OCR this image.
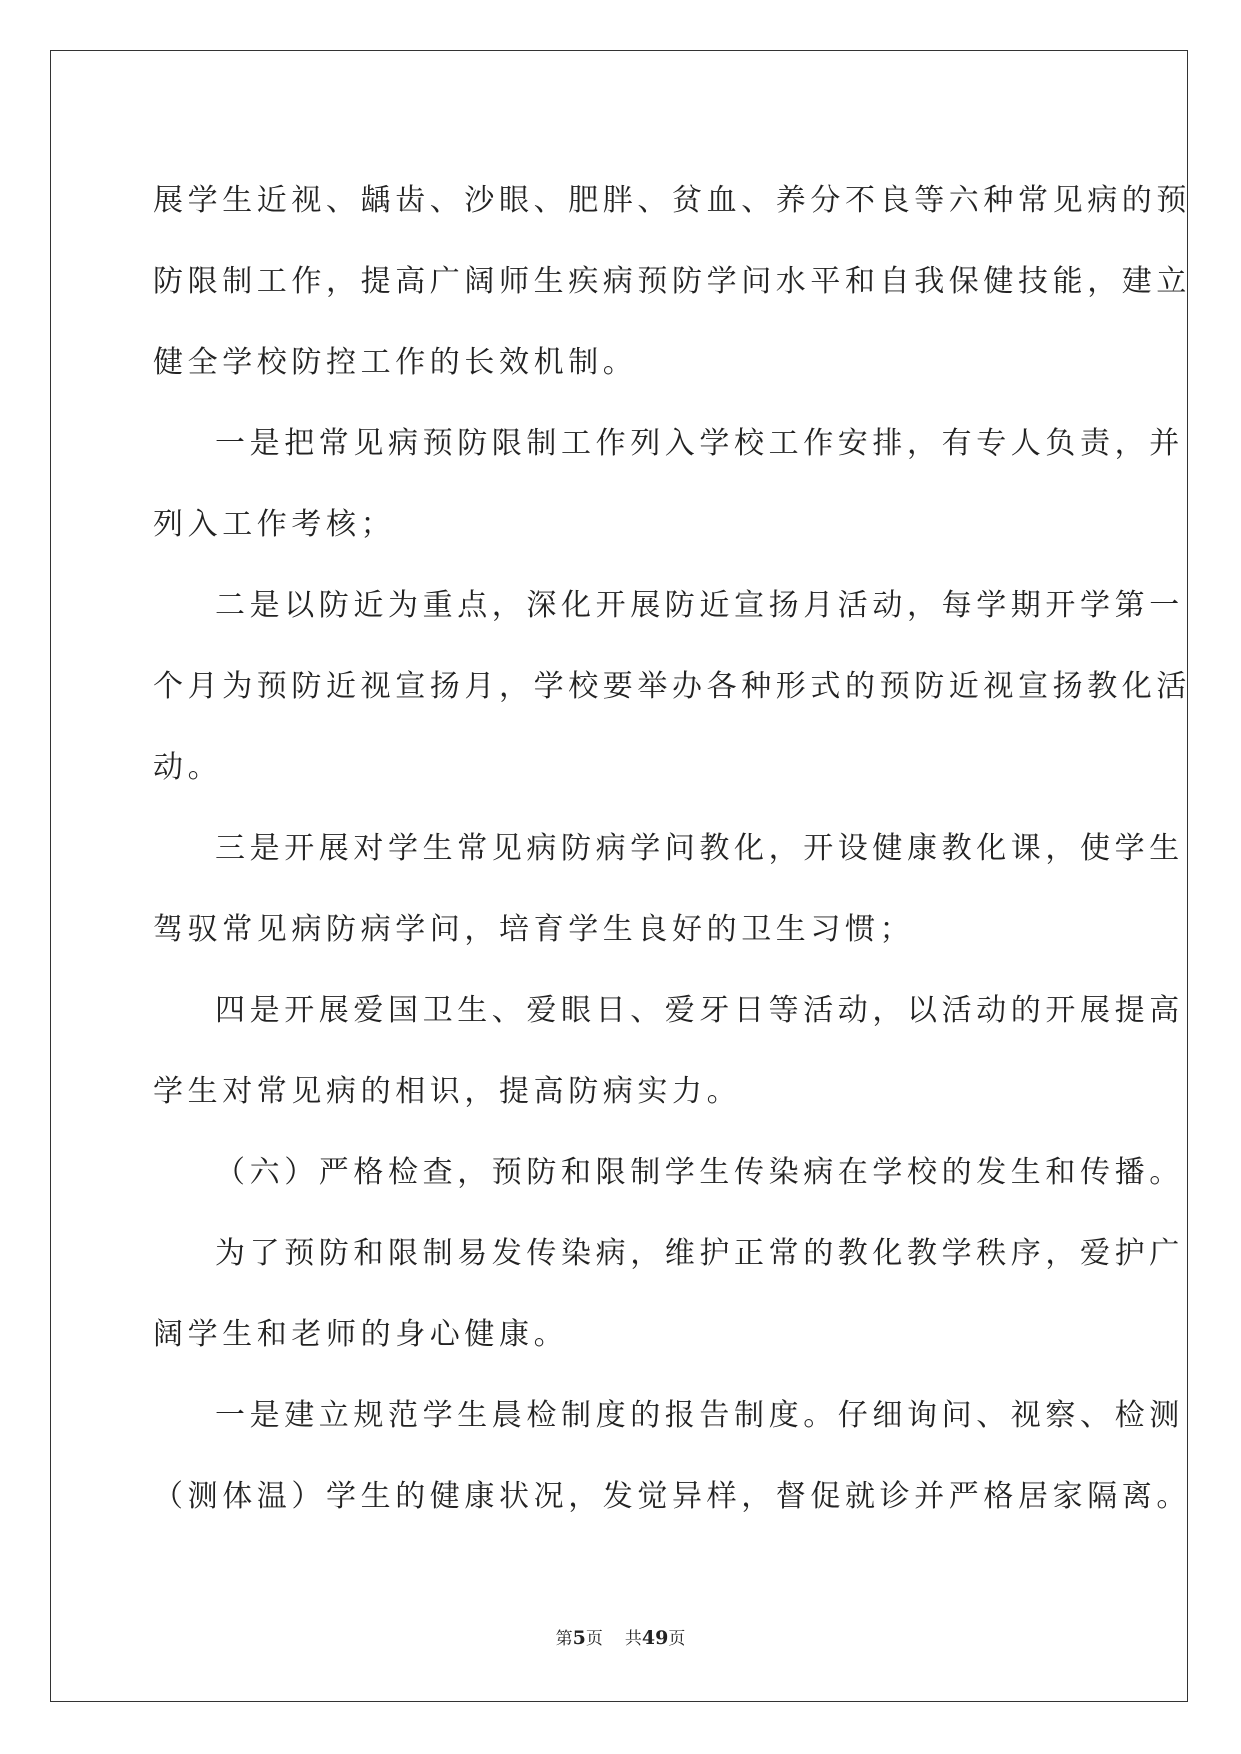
展学生近视、龋齿、沙眼、肥胖、贫血、养分不良等六种常见病的预
防限制工作，提高广阔师生疾病预防学问水平和自我保健技能，建立
健全学校防控工作的长效机制。
一是把常见病预防限制工作列入学校工作安排，有专人负责，并
列入工作考核；
二是以防近为重点，深化开展防近宣扬月活动，每学期开学第一
个月为预防近视宣扬月，学校要举办各种形式的预防近视宣扬教化活
动。
三是开展对学生常见病防病学问教化，开设健康教化课，使学生
驾驭常见病防病学问，培育学生良好的卫生习惯；
四是开展爱国卫生、爱眼日、爱牙日等活动，以活动的开展提高
学生对常见病的相识，提高防病实力。
（六）严格检查，预防和限制学生传染病在学校的发生和传播。
为了预防和限制易发传染病，维护正常的教化教学秩序，爱护广
阔学生和老师的身心健康。
一是建立规范学生晨检制度的报告制度。仔细询问、视察、检测
（测体温）学生的健康状况，发觉异样，督促就诊并严格居家隔离。
第5页 共49页
